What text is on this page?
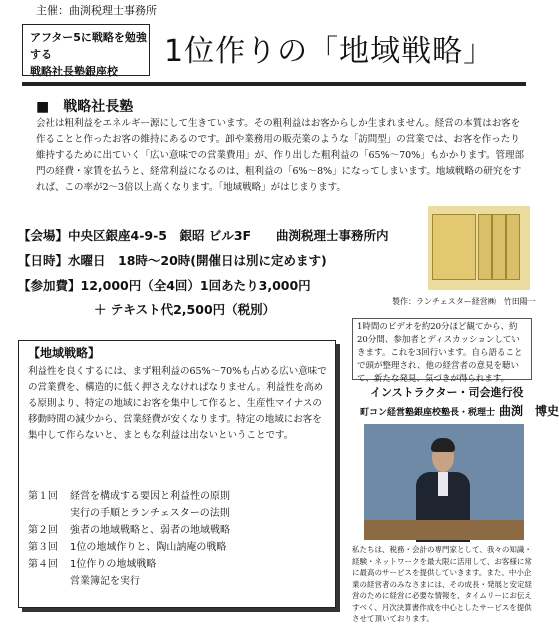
主催：曲渕税理士事務所
アフター5に戦略を勉強する
戦略社長塾銀座校
1位作りの「地域戦略」
■　戦略社長塾
会社は粗利益をエネルギー源にして生きています。その粗利益はお客からしか生まれません。経営の本質はお客を作ることと作ったお客の維持にあるのです。卸や業務用の販売業のような「訪問型」の営業では、お客を作ったり維持するために出ていく「広い意味での営業費用」が、作り出した粗利益の「65%～70%」もかかります。管理部門の経費・家賃を払うと、経常利益になるのは、粗利益の「6%～8%」になってしまいます。地域戦略の研究をすれば、この率が2～3倍以上高くなります。「地域戦略」がはじまります。
【会場】中央区銀座4-9-5　銀昭 ビル3F　　曲渕税理士事務所内
【日時】水曜日　18時～20時(開催日は別に定めます)
【参加費】12,000円（全4回）1回あたり3,000円
＋ テキスト代2,500円（税別）
製作：ランチェスター経営㈱　竹田陽一
1時間のビデオを約20分ほど観てから、約20分間、参加者とディスカッションしていきます。これを3回行います。自ら語ることで頭が整理され、他の経営者の意見を聴いて、新たな発見、気づきが得られます。
インストラクター・司会進行役
町コン経営塾銀座校塾長・税理士 曲渕　博史
私たちは、税務・会計の専門家として、我々の知識・経験・ネットワークを最大限に活用して、お客様に常に最高のサービスを提供していきます。また、中小企業の経営者のみなさまには、その成長・発展と安定経営のために経営に必要な情報を、タイムリーにお伝えすべく、月次決算書作成を中心としたサービスを提供させて頂いております。
【地域戦略】
利益性を良くするには、まず粗利益の65%～70%も占める広い意味での営業費を、構造的に低く押さえなければなりません。利益性を高める原則より、特定の地域にお客を集中して作ると、生産性マイナスの移動時間の減少から、営業経費が安くなります。特定の地域にお客を集中して作らないと、まともな利益は出ないということです。
第１回	経営を構成する要因と利益性の原則
実行の手順とランチェスターの法則
第２回	強者の地域戦略と、弱者の地域戦略
第３回	1位の地域作りと、陶山訥庵の戦略
第４回	1位作りの地域戦略
営業簿記を実行
